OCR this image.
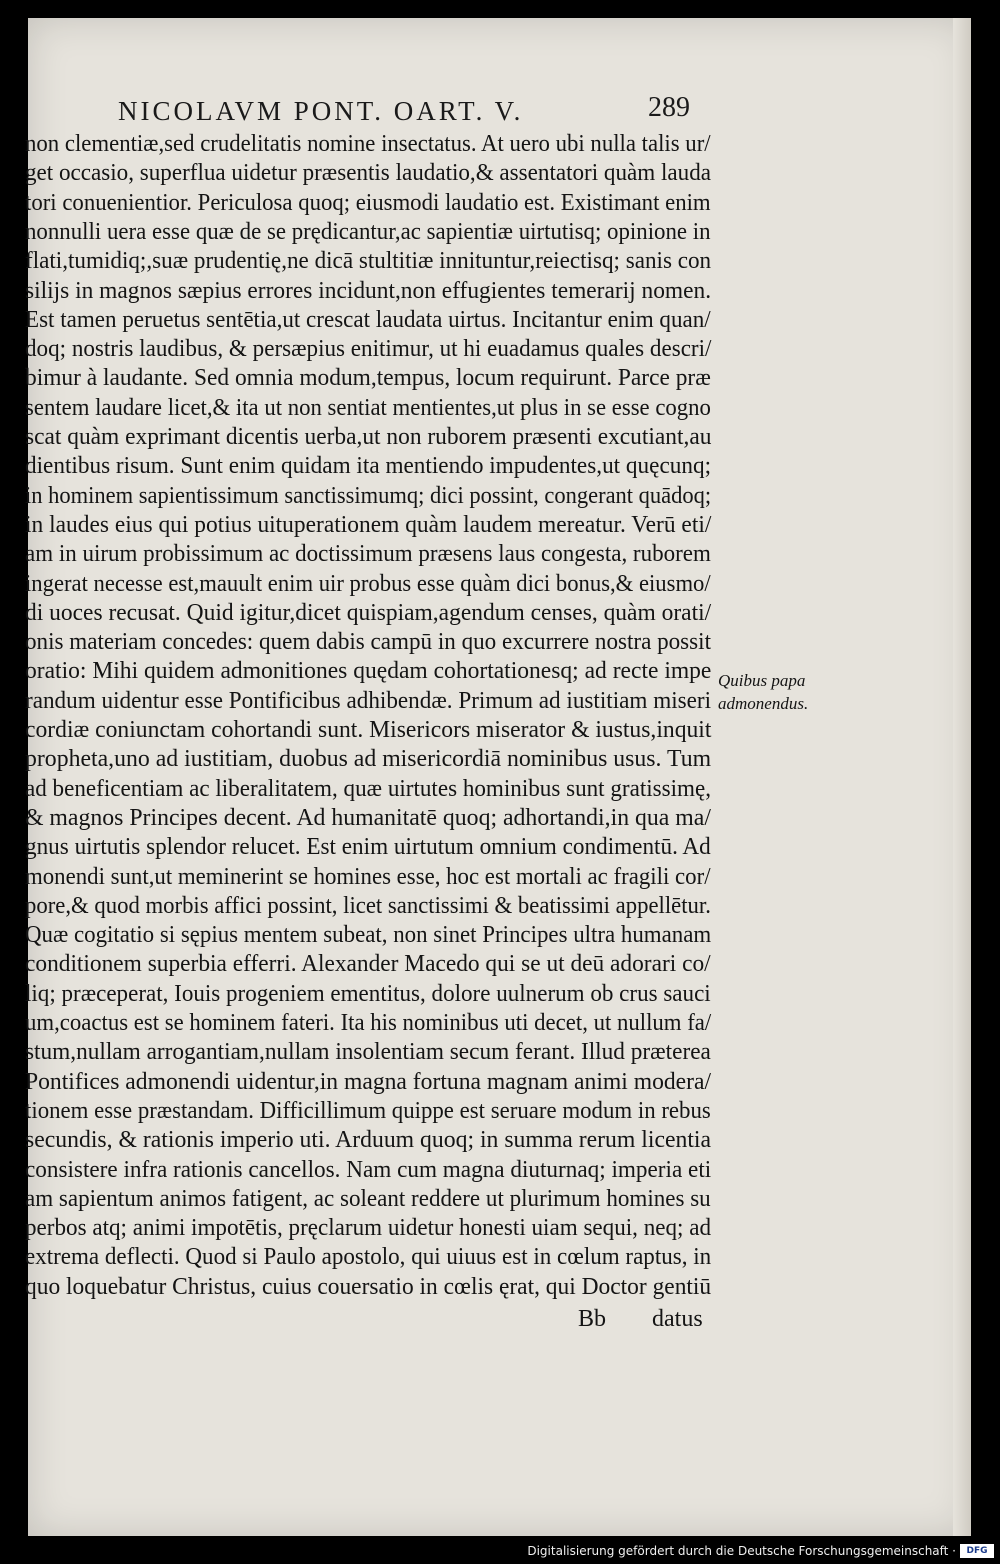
NICOLAVM PONT. OART. V.	289
non clementiæ,sed crudelitatis nomine insectatus. At uero ubi nulla talis ur/
get occasio, superflua uidetur præsentis laudatio,& assentatori quàm lauda
tori conuenientior. Periculosa quoq; eiusmodi laudatio est. Existimant enim
nonnulli uera esse quæ de se prędicantur,ac sapientiæ uirtutisq; opinione in
flati,tumidiq;,suæ prudentię,ne dicā stultitiæ innituntur,reiectisq; sanis con
silijs in magnos sæpius errores incidunt,non effugientes temerarij nomen.
Est tamen peruetus sentētia,ut crescat laudata uirtus. Incitantur enim quan/
doq; nostris laudibus, & persæpius enitimur, ut hi euadamus quales descri/
bimur à laudante. Sed omnia modum,tempus, locum requirunt. Parce præ
sentem laudare licet,& ita ut non sentiat mentientes,ut plus in se esse cogno
scat quàm exprimant dicentis uerba,ut non ruborem præsenti excutiant,au
dientibus risum. Sunt enim quidam ita mentiendo impudentes,ut quęcunq;
in hominem sapientissimum sanctissimumq; dici possint, congerant quādoq;
in laudes eius qui potius uituperationem quàm laudem mereatur. Verū eti/
am in uirum probissimum ac doctissimum præsens laus congesta, ruborem
ingerat necesse est,mauult enim uir probus esse quàm dici bonus,& eiusmo/
di uoces recusat. Quid igitur,dicet quispiam,agendum censes, quàm orati/
onis materiam concedes: quem dabis campū in quo excurrere nostra possit
oratio: Mihi quidem admonitiones quędam cohortationesq; ad recte impe
randum uidentur esse Pontificibus adhibendæ. Primum ad iustitiam miseri
cordiæ coniunctam cohortandi sunt. Misericors miserator & iustus,inquit
propheta,uno ad iustitiam, duobus ad misericordiā nominibus usus. Tum
ad beneficentiam ac liberalitatem, quæ uirtutes hominibus sunt gratissimę,
& magnos Principes decent. Ad humanitatē quoq; adhortandi,in qua ma/
gnus uirtutis splendor relucet. Est enim uirtutum omnium condimentū. Ad
monendi sunt,ut meminerint se homines esse, hoc est mortali ac fragili cor/
pore,& quod morbis affici possint, licet sanctissimi & beatissimi appellētur.
Quæ cogitatio si sępius mentem subeat, non sinet Principes ultra humanam
conditionem superbia efferri. Alexander Macedo qui se ut deū adorari co/
liq; præceperat, Iouis progeniem ementitus, dolore uulnerum ob crus sauci
um,coactus est se hominem fateri. Ita his nominibus uti decet, ut nullum fa/
stum,nullam arrogantiam,nullam insolentiam secum ferant. Illud præterea
Pontifices admonendi uidentur,in magna fortuna magnam animi modera/
tionem esse præstandam. Difficillimum quippe est seruare modum in rebus
secundis, & rationis imperio uti. Arduum quoq; in summa rerum licentia
consistere infra rationis cancellos. Nam cum magna diuturnaq; imperia eti
am sapientum animos fatigent, ac soleant reddere ut plurimum homines su
perbos atq; animi impotētis, pręclarum uidetur honesti uiam sequi, neq; ad
extrema deflecti. Quod si Paulo apostolo, qui uiuus est in cœlum raptus, in
quo loquebatur Christus, cuius couersatio in cœlis ęrat, qui Doctor gentiū
Quibus papa
admonendus.
Bb datus
Digitalisierung gefördert durch die Deutsche Forschungsgemeinschaft ·	DFG
